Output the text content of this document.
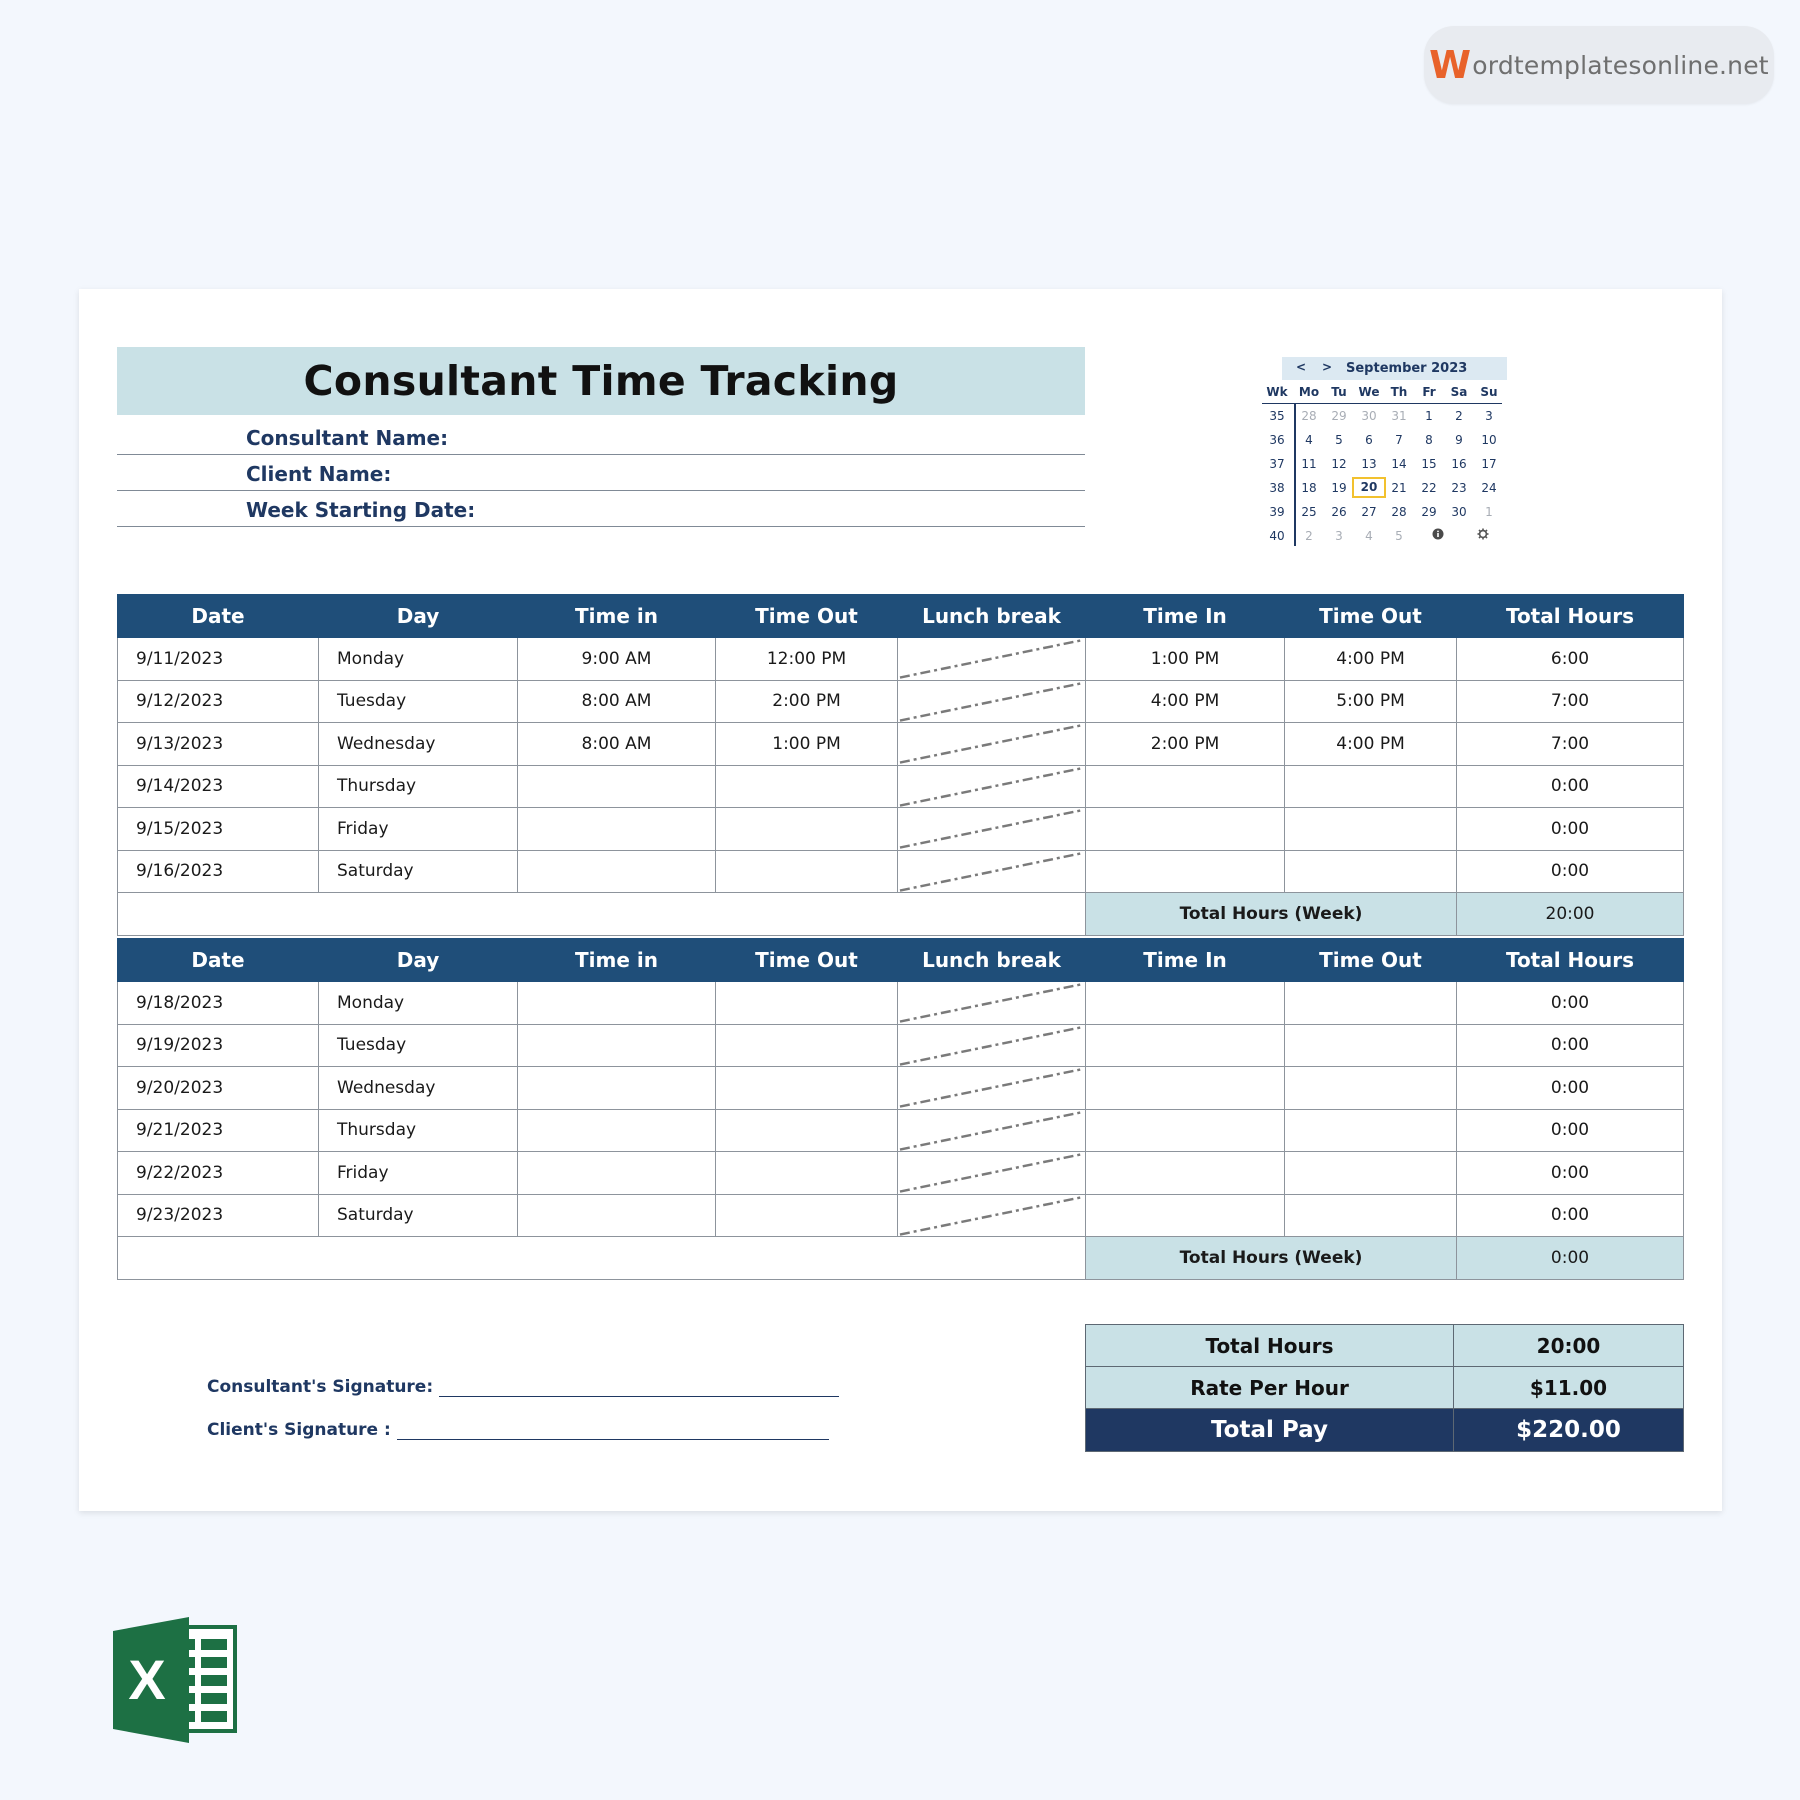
W ordtemplatesonline.net
Consultant Time Tracking
Consultant Name:
Client Name:
Week Starting Date:
< > September 2023
Wk Mo	Tu We Th	Fr	Sa	Su
35	28	29	30	31	1	2	3
36	4	5	6	7	8	9	10
37	11	12	13	14	15	16	17
38	18	19	20	21	22	23	24
39	25	26	27	28	29	30	1
40	2	3	4	5
Date	Day	Time in	Time Out	Lunch break	Time In	Time Out	Total Hours
9/11/2023	Monday	9:00 AM	12:00 PM		1:00 PM	4:00 PM	6:00
9/12/2023	Tuesday	8:00 AM	2:00 PM		4:00 PM	5:00 PM	7:00
9/13/2023	Wednesday	8:00 AM	1:00 PM		2:00 PM	4:00 PM	7:00
9/14/2023	Thursday						0:00
9/15/2023	Friday						0:00
9/16/2023	Saturday						0:00
					Total Hours (Week)		20:00
Date	Day	Time in	Time Out	Lunch break	Time In	Time Out	Total Hours
9/18/2023	Monday						0:00
9/19/2023	Tuesday						0:00
9/20/2023	Wednesday						0:00
9/21/2023	Thursday						0:00
9/22/2023	Friday						0:00
9/23/2023	Saturday						0:00
					Total Hours (Week)		0:00
Consultant's Signature:
Client's Signature :
Total Hours	20:00
Rate Per Hour	$11.00
Total Pay	$220.00
X
